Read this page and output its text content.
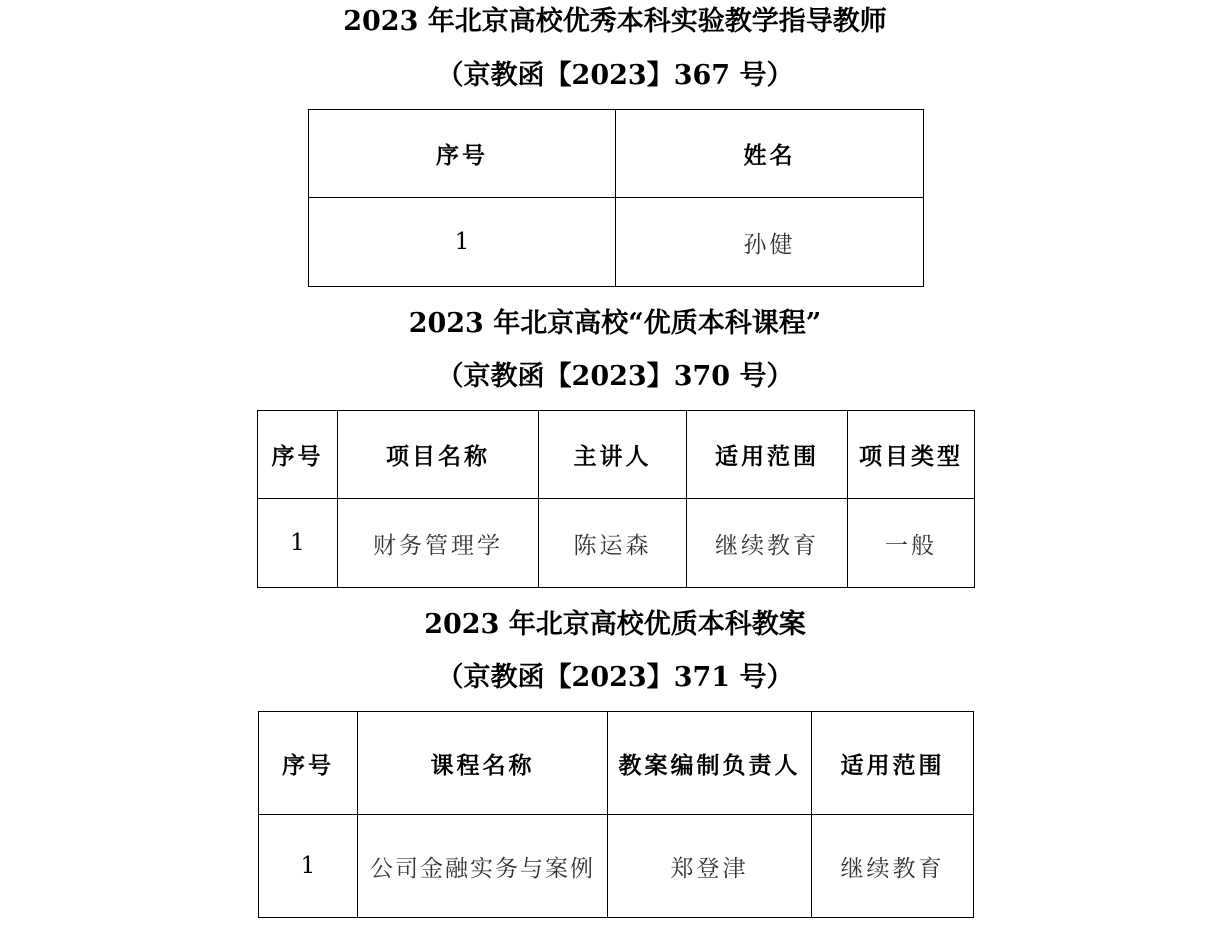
2023 年北京高校优秀本科实验教学指导教师
（京教函【2023】367 号）
序号	姓名
1	孙健
2023 年北京高校“优质本科课程”
（京教函【2023】370 号）
序号	项目名称	主讲人	适用范围	项目类型
1	财务管理学	陈运森	继续教育	一般
2023 年北京高校优质本科教案
（京教函【2023】371 号）
序号	课程名称	教案编制负责人	适用范围
1	公司金融实务与案例	郑登津	继续教育
